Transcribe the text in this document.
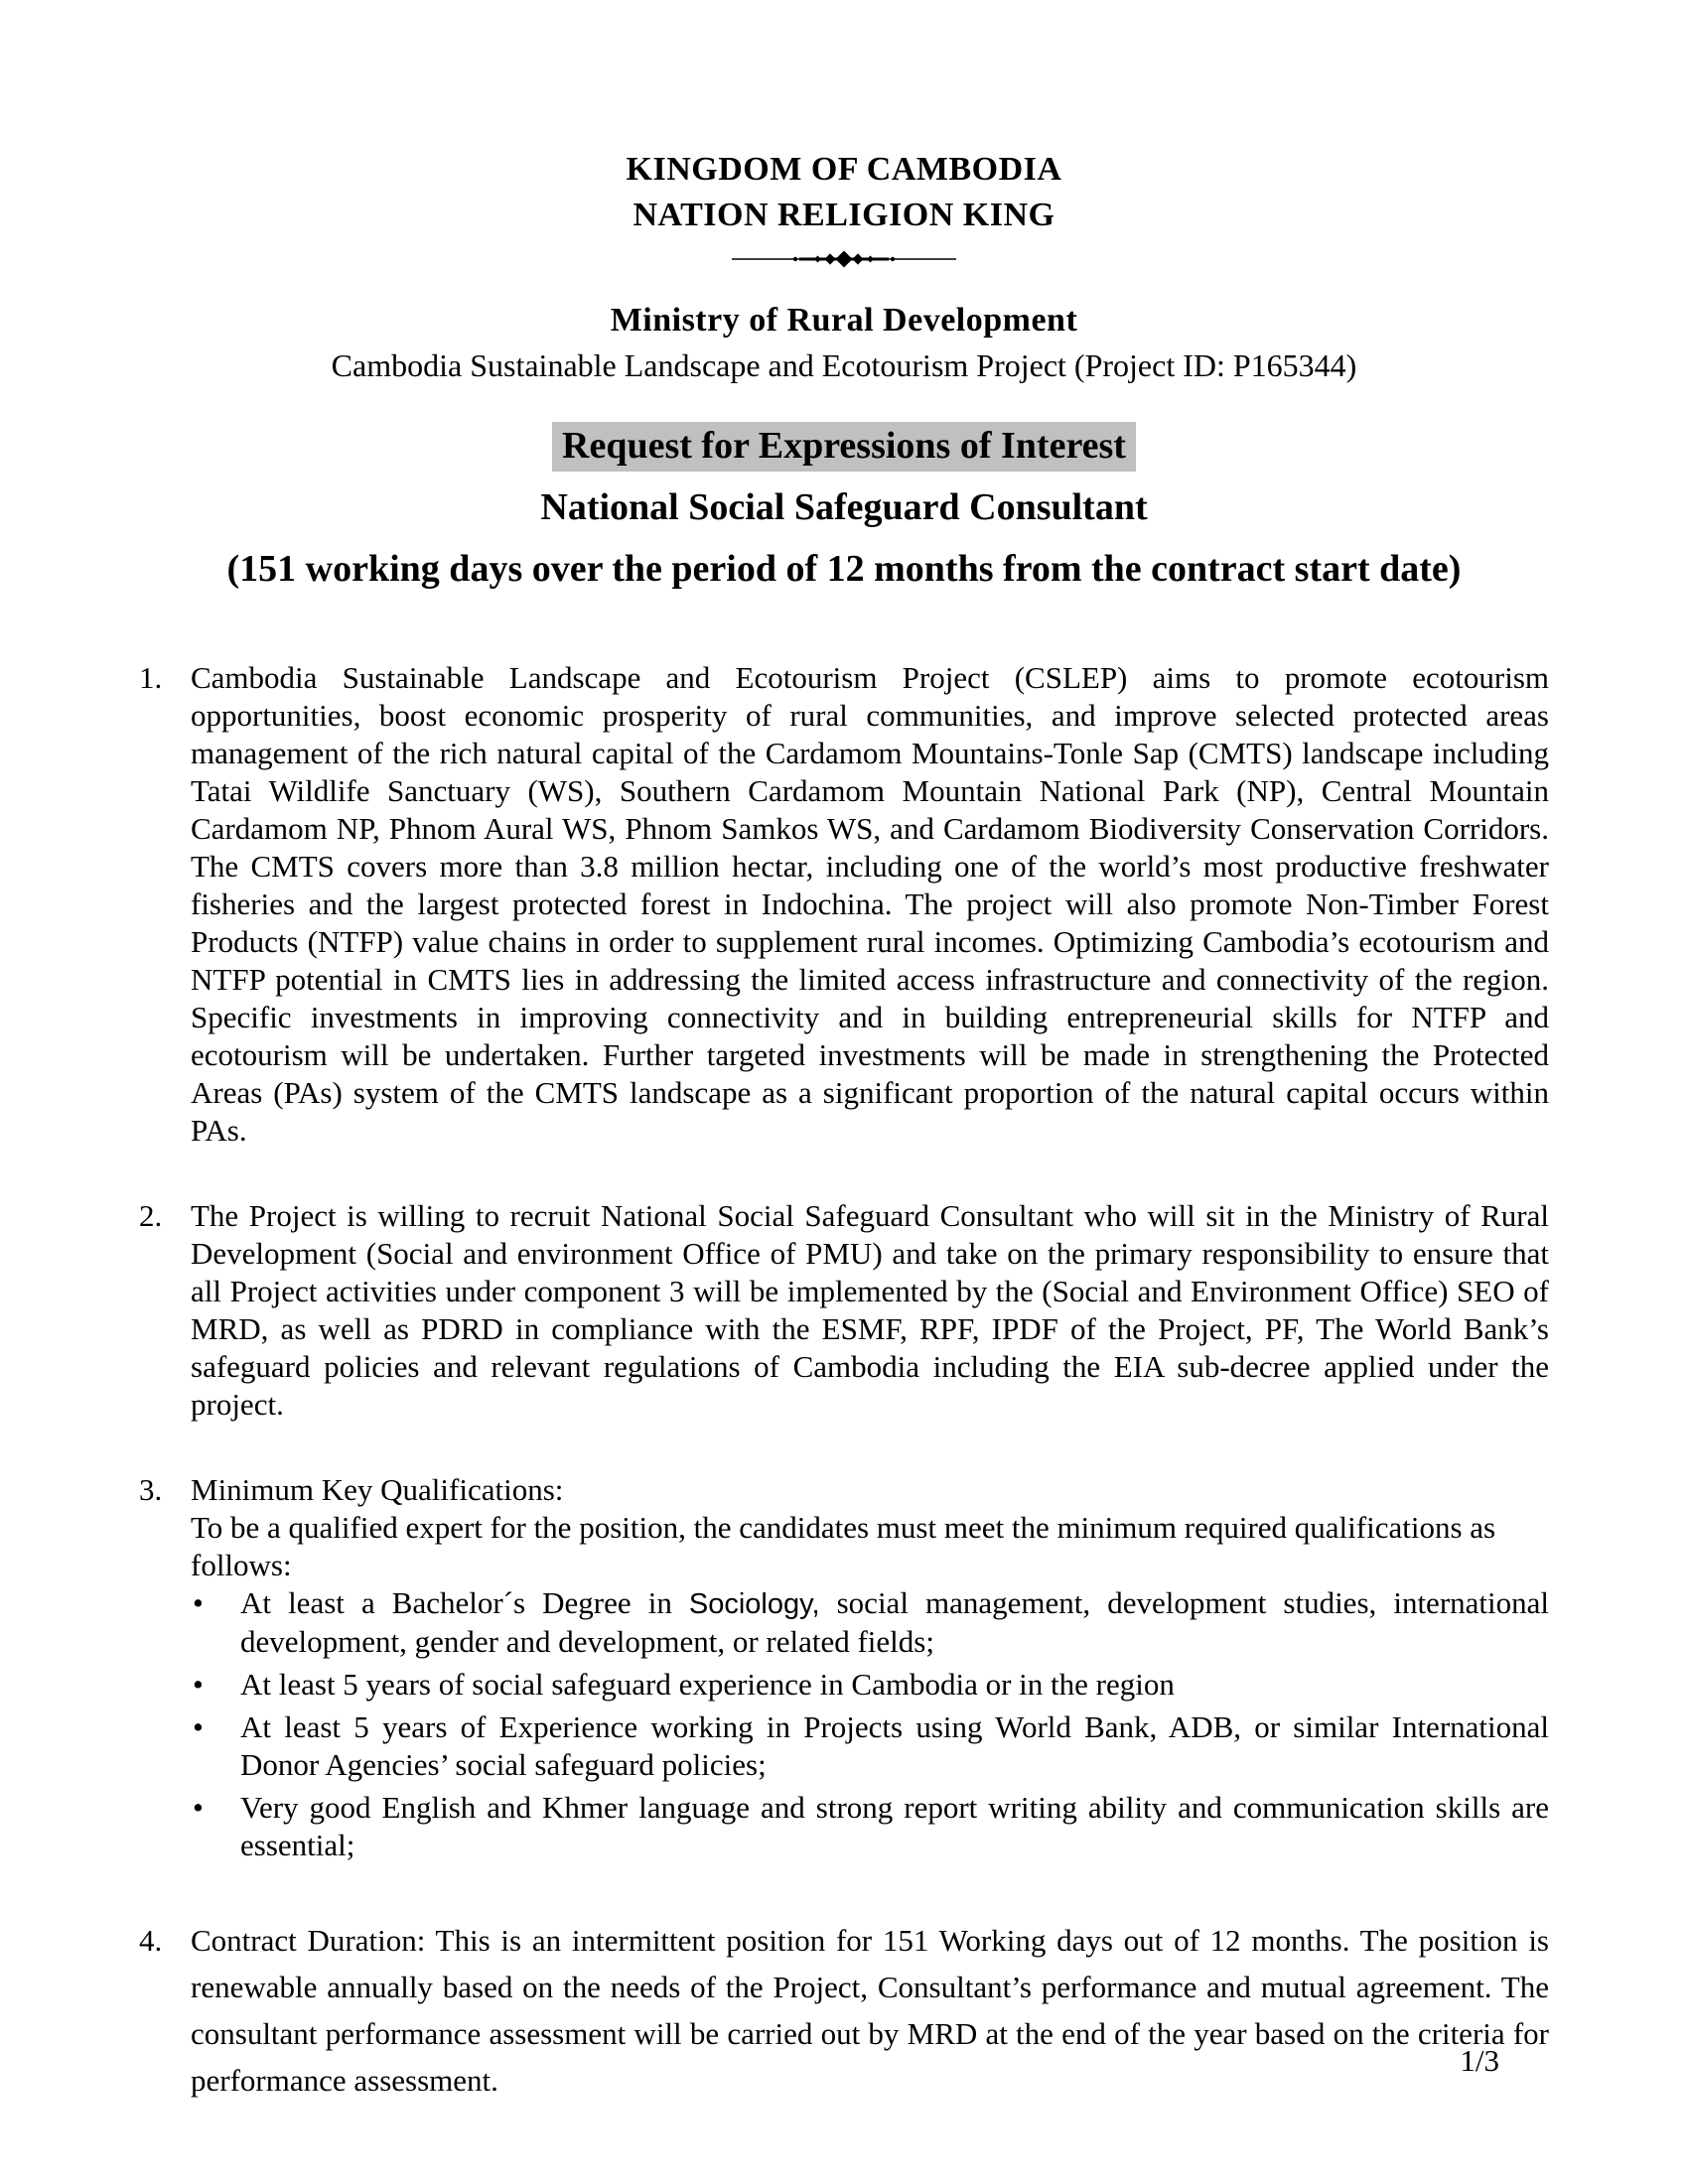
KINGDOM OF CAMBODIA
NATION RELIGION KING
Ministry of Rural Development
Cambodia Sustainable Landscape and Ecotourism Project (Project ID: P165344)
Request for Expressions of Interest
National Social Safeguard Consultant
(151 working days over the period of 12 months from the contract start date)
1. Cambodia Sustainable Landscape and Ecotourism Project (CSLEP) aims to promote ecotourism opportunities, boost economic prosperity of rural communities, and improve selected protected areas management of the rich natural capital of the Cardamom Mountains-Tonle Sap (CMTS) landscape including Tatai Wildlife Sanctuary (WS), Southern Cardamom Mountain National Park (NP), Central Mountain Cardamom NP, Phnom Aural WS, Phnom Samkos WS, and Cardamom Biodiversity Conservation Corridors. The CMTS covers more than 3.8 million hectar, including one of the world’s most productive freshwater fisheries and the largest protected forest in Indochina. The project will also promote Non-Timber Forest Products (NTFP) value chains in order to supplement rural incomes. Optimizing Cambodia’s ecotourism and NTFP potential in CMTS lies in addressing the limited access infrastructure and connectivity of the region. Specific investments in improving connectivity and in building entrepreneurial skills for NTFP and ecotourism will be undertaken. Further targeted investments will be made in strengthening the Protected Areas (PAs) system of the CMTS landscape as a significant proportion of the natural capital occurs within PAs.
2. The Project is willing to recruit National Social Safeguard Consultant who will sit in the Ministry of Rural Development (Social and environment Office of PMU) and take on the primary responsibility to ensure that all Project activities under component 3 will be implemented by the (Social and Environment Office) SEO of MRD, as well as PDRD in compliance with the ESMF, RPF, IPDF of the Project, PF, The World Bank’s safeguard policies and relevant regulations of Cambodia including the EIA sub-decree applied under the project.
3. Minimum Key Qualifications:
To be a qualified expert for the position, the candidates must meet the minimum required qualifications as follows:
•	At least a Bachelor´s Degree in Sociology, social management, development studies, international development, gender and development, or related fields;
•	At least 5 years of social safeguard experience in Cambodia or in the region
•	At least 5 years of Experience working in Projects using World Bank, ADB, or similar International Donor Agencies’ social safeguard policies;
•	Very good English and Khmer language and strong report writing ability and communication skills are essential;
4. Contract Duration: This is an intermittent position for 151 Working days out of 12 months. The position is renewable annually based on the needs of the Project, Consultant’s performance and mutual agreement. The consultant performance assessment will be carried out by MRD at the end of the year based on the criteria for performance assessment.
1/3
